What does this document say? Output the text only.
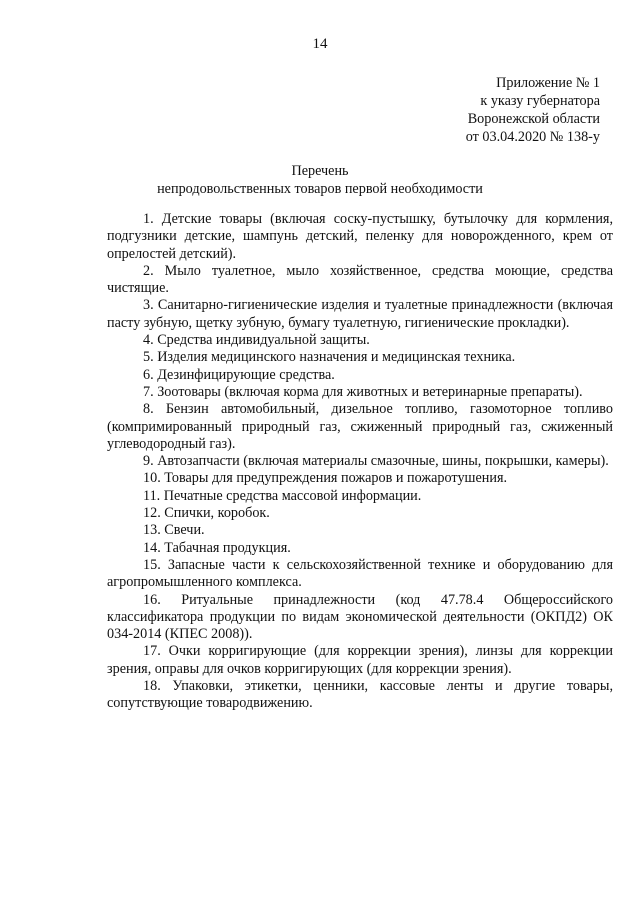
14
Приложение № 1
к указу губернатора
Воронежской области
от 03.04.2020 № 138-у
Перечень
непродовольственных товаров первой необходимости

1. Детские товары (включая соску-пустышку, бутылочку для кормления, подгузники детские, шампунь детский, пеленку для новорожденного, крем от опрелостей детский).

2. Мыло туалетное, мыло хозяйственное, средства моющие, средства чистящие.

3. Санитарно-гигиенические изделия и туалетные принадлежности (включая пасту зубную, щетку зубную, бумагу туалетную, гигиенические прокладки).

4. Средства индивидуальной защиты.

5. Изделия медицинского назначения и медицинская техника.

6. Дезинфицирующие средства.

7. Зоотовары (включая корма для животных и ветеринарные препараты).

8. Бензин автомобильный, дизельное топливо, газомоторное топливо (компримированный природный газ, сжиженный природный газ, сжиженный углеводородный газ).

9. Автозапчасти (включая материалы смазочные, шины, покрышки, камеры).

10. Товары для предупреждения пожаров и пожаротушения.

11. Печатные средства массовой информации.

12. Спички, коробок.

13. Свечи.

14. Табачная продукция.

15. Запасные части к сельскохозяйственной технике и оборудованию для агропромышленного комплекса.

16. Ритуальные принадлежности (код 47.78.4 Общероссийского классификатора продукции по видам экономической деятельности (ОКПД2) ОК 034-2014 (КПЕС 2008)).

17. Очки корригирующие (для коррекции зрения), линзы для коррекции зрения, оправы для очков корригирующих (для коррекции зрения).

18. Упаковки, этикетки, ценники, кассовые ленты и другие товары, сопутствующие товародвижению.
